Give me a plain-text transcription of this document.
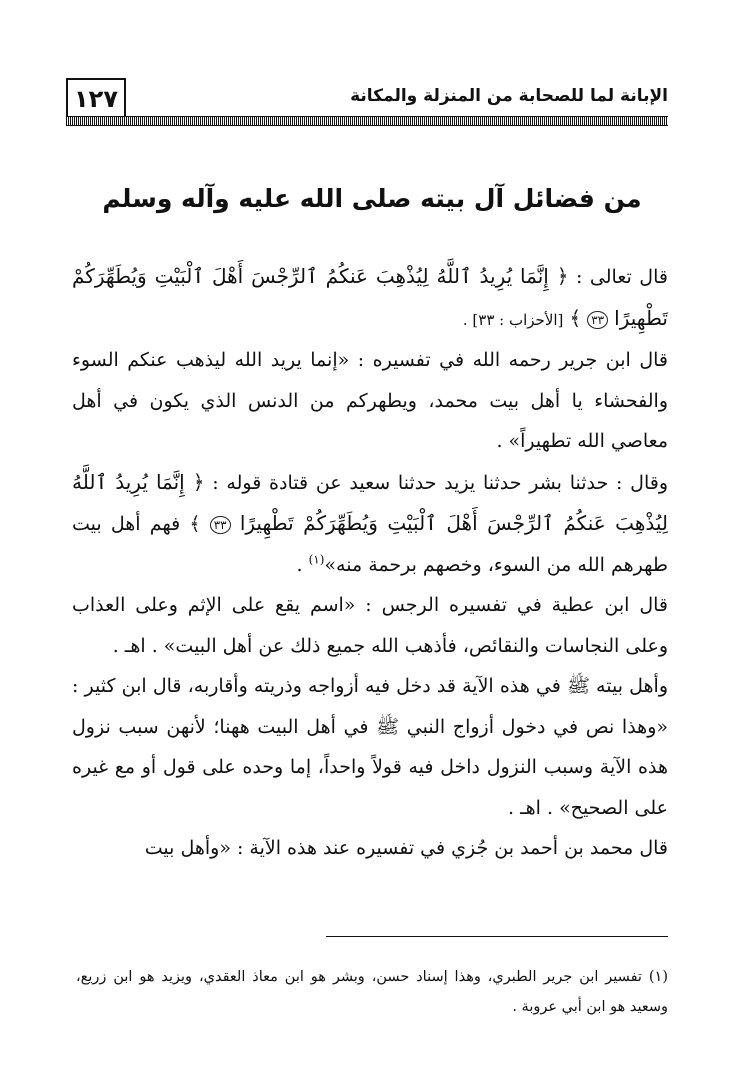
١٢٧	الإبانة لما للصحابة من المنزلة والمكانة
من فضائل آل بيته صلى الله عليه وآله وسلم

قال تعالى : ﴿ إِنَّمَا يُرِيدُ ٱللَّهُ لِيُذْهِبَ عَنكُمُ ٱلرِّجْسَ أَهْلَ ٱلْبَيْتِ وَيُطَهِّرَكُمْ تَطْهِيرًا ٣٣ ﴾ [الأحزاب : ٣٣] .

قال ابن جرير رحمه الله في تفسيره : «إنما يريد الله ليذهب عنكم السوء والفحشاء يا أهل بيت محمد، ويطهركم من الدنس الذي يكون في أهل معاصي الله تطهيراً» .

وقال : حدثنا بشر حدثنا يزيد حدثنا سعيد عن قتادة قوله : ﴿ إِنَّمَا يُرِيدُ ٱللَّهُ لِيُذْهِبَ عَنكُمُ ٱلرِّجْسَ أَهْلَ ٱلْبَيْتِ وَيُطَهِّرَكُمْ تَطْهِيرًا ٣٣ ﴾ فهم أهل بيت طهرهم الله من السوء، وخصهم برحمة منه»$^{(١)}$ .

قال ابن عطية في تفسيره الرجس : «اسم يقع على الإثم وعلى العذاب وعلى النجاسات والنقائص، فأذهب الله جميع ذلك عن أهل البيت» . اهـ .

وأهل بيته ﷺ في هذه الآية قد دخل فيه أزواجه وذريته وأقاربه، قال ابن كثير : «وهذا نص في دخول أزواج النبي ﷺ في أهل البيت ههنا؛ لأنهن سبب نزول هذه الآية وسبب النزول داخل فيه قولاً واحداً، إما وحده على قول أو مع غيره على الصحيح» . اهـ .

قال محمد بن أحمد بن جُزي في تفسيره عند هذه الآية : «وأهل بيت

(١) تفسير ابن جرير الطبري، وهذا إسناد حسن، وبشر هو ابن معاذ العقدي، ويزيد هو ابن زريع، وسعيد هو ابن أبي عروبة .
